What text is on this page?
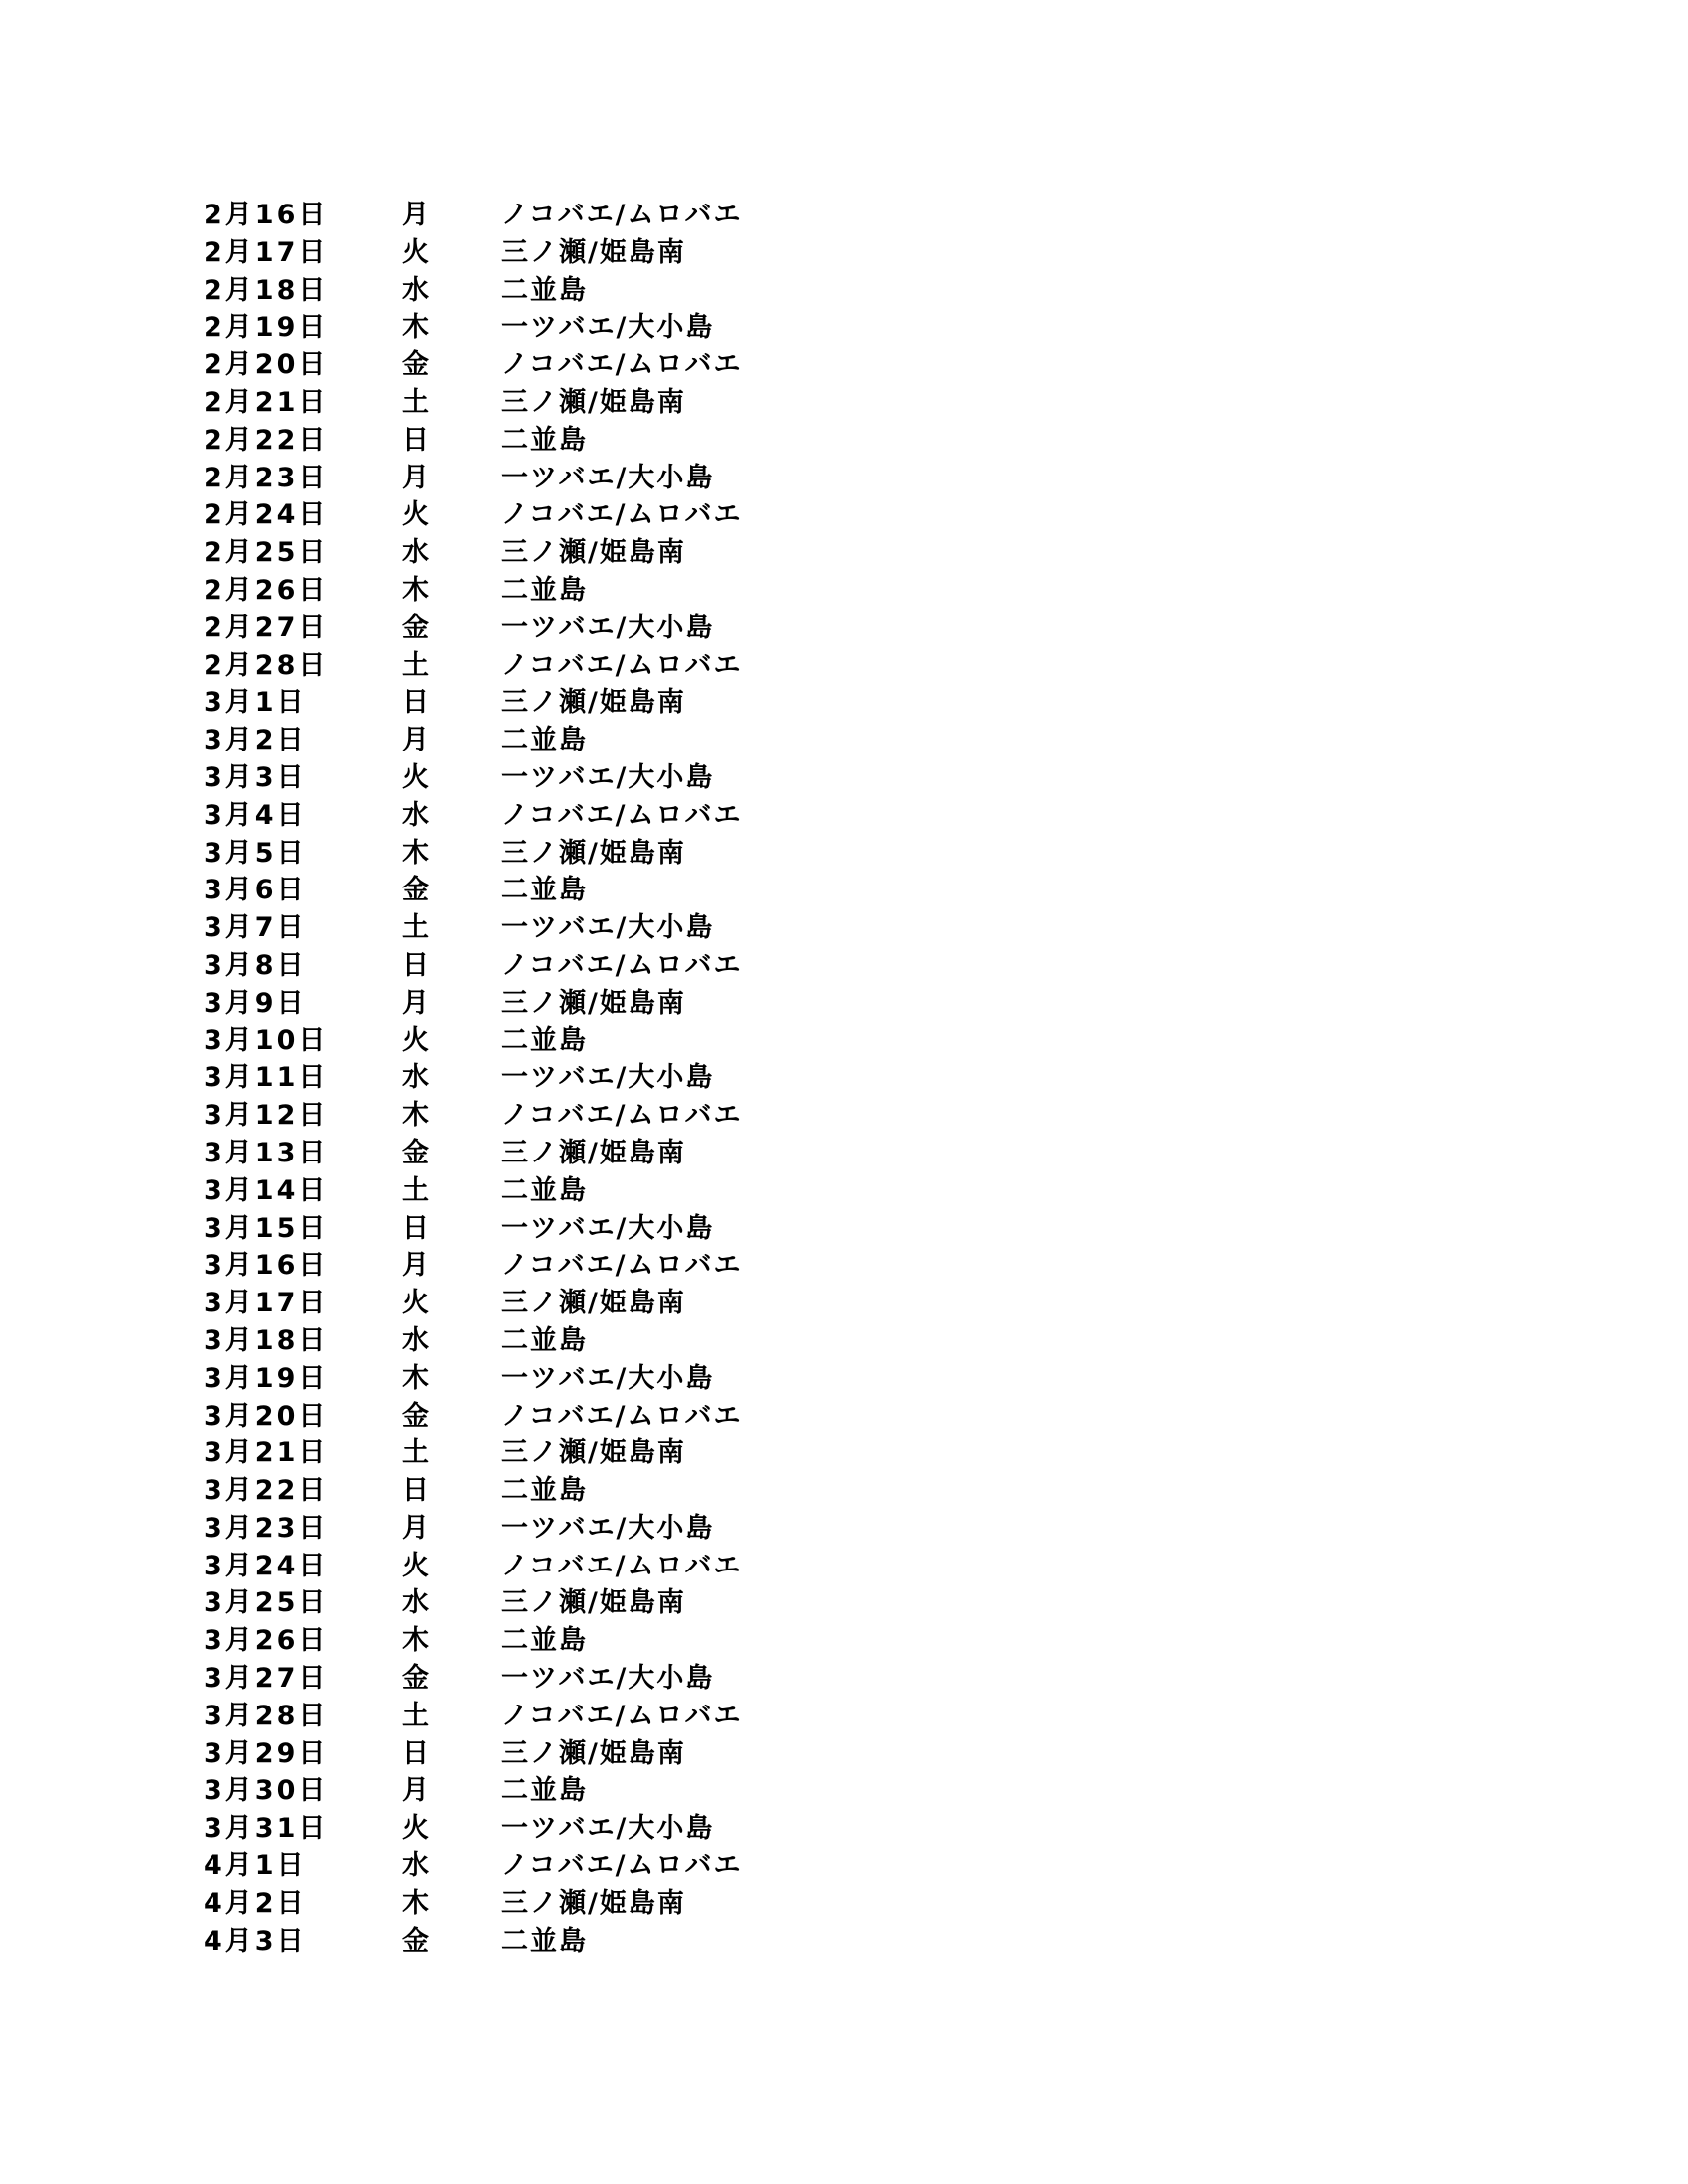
2月16日	月	ノコバエ/ムロバエ
2月17日	火	三ノ瀬/姫島南
2月18日	水	二並島
2月19日	木	一ツバエ/大小島
2月20日	金	ノコバエ/ムロバエ
2月21日	土	三ノ瀬/姫島南
2月22日	日	二並島
2月23日	月	一ツバエ/大小島
2月24日	火	ノコバエ/ムロバエ
2月25日	水	三ノ瀬/姫島南
2月26日	木	二並島
2月27日	金	一ツバエ/大小島
2月28日	土	ノコバエ/ムロバエ
3月1日	日	三ノ瀬/姫島南
3月2日	月	二並島
3月3日	火	一ツバエ/大小島
3月4日	水	ノコバエ/ムロバエ
3月5日	木	三ノ瀬/姫島南
3月6日	金	二並島
3月7日	土	一ツバエ/大小島
3月8日	日	ノコバエ/ムロバエ
3月9日	月	三ノ瀬/姫島南
3月10日	火	二並島
3月11日	水	一ツバエ/大小島
3月12日	木	ノコバエ/ムロバエ
3月13日	金	三ノ瀬/姫島南
3月14日	土	二並島
3月15日	日	一ツバエ/大小島
3月16日	月	ノコバエ/ムロバエ
3月17日	火	三ノ瀬/姫島南
3月18日	水	二並島
3月19日	木	一ツバエ/大小島
3月20日	金	ノコバエ/ムロバエ
3月21日	土	三ノ瀬/姫島南
3月22日	日	二並島
3月23日	月	一ツバエ/大小島
3月24日	火	ノコバエ/ムロバエ
3月25日	水	三ノ瀬/姫島南
3月26日	木	二並島
3月27日	金	一ツバエ/大小島
3月28日	土	ノコバエ/ムロバエ
3月29日	日	三ノ瀬/姫島南
3月30日	月	二並島
3月31日	火	一ツバエ/大小島
4月1日	水	ノコバエ/ムロバエ
4月2日	木	三ノ瀬/姫島南
4月3日	金	二並島
